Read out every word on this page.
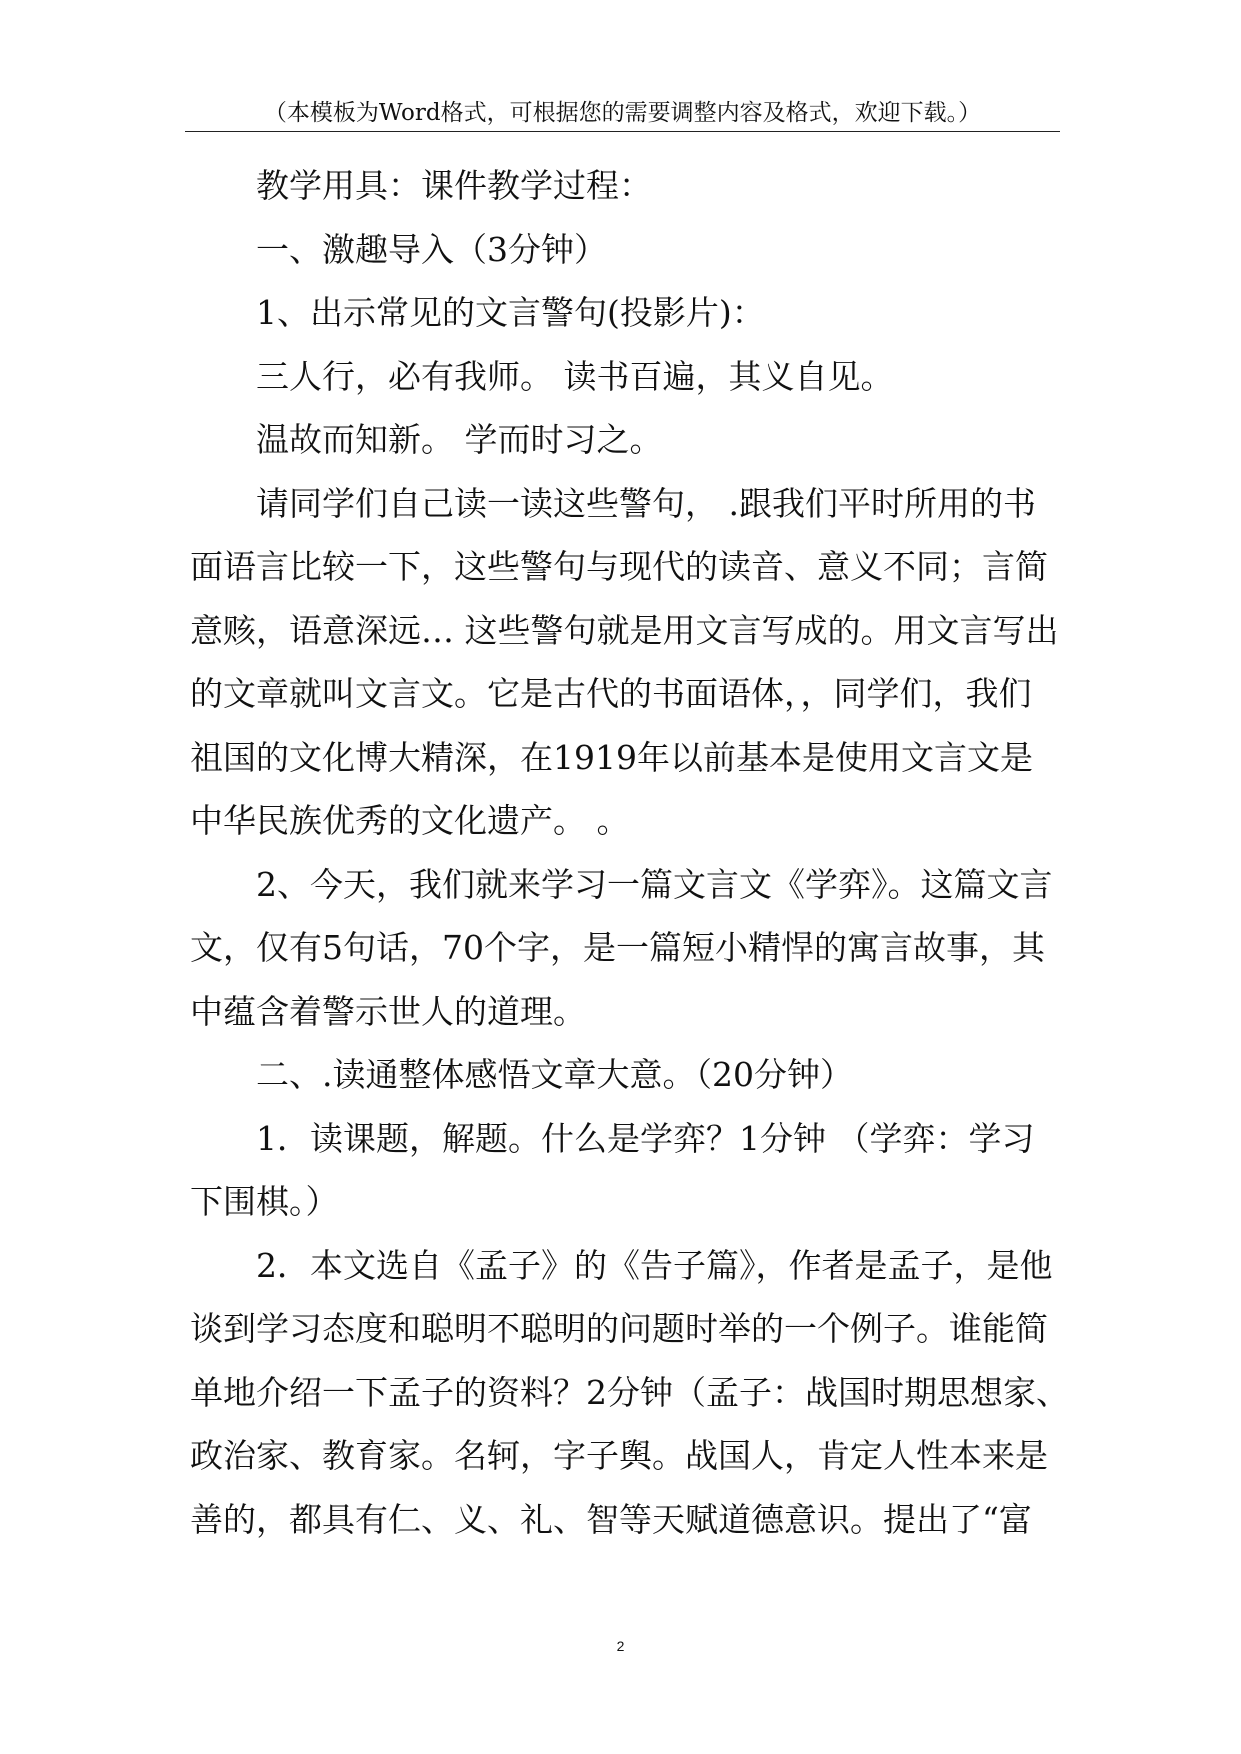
（本模板为Word格式，可根据您的需要调整内容及格式，欢迎下载。）
教学用具：课件教学过程：
一、激趣导入（3分钟）
1、出示常见的文言警句(投影片)：
三人行，必有我师。 读书百遍，其义自见。
温故而知新。 学而时习之。
请同学们自己读一读这些警句， .跟我们平时所用的书
面语言比较一下，这些警句与现代的读音、意义不同；言简
意赅，语意深远… 这些警句就是用文言写成的。用文言写出
的文章就叫文言文。它是古代的书面语体，，同学们，我们
祖国的文化博大精深，在1919年以前基本是使用文言文是
中华民族优秀的文化遗产。 。
2、今天，我们就来学习一篇文言文《学弈》。这篇文言
文，仅有5句话，70个字，是一篇短小精悍的寓言故事，其
中蕴含着警示世人的道理。
二、.读通整体感悟文章大意。（20分钟）
1．读课题，解题。什么是学弈？1分钟 （学弈：学习
下围棋。）
2．本文选自《孟子》的《告子篇》，作者是孟子，是他
谈到学习态度和聪明不聪明的问题时举的一个例子。谁能简
单地介绍一下孟子的资料？2分钟（孟子：战国时期思想家、
政治家、教育家。名轲，字子舆。战国人，肯定人性本来是
善的，都具有仁、义、礼、智等天赋道德意识。提出了“富
2
